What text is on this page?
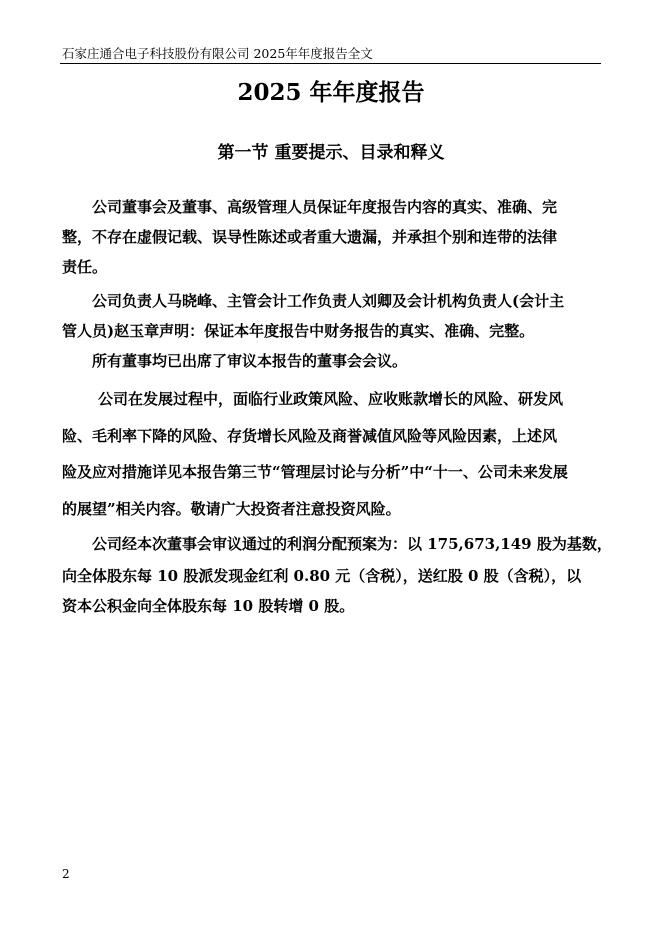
石家庄通合电子科技股份有限公司 2025年年度报告全文
2025 年年度报告
第一节 重要提示、目录和释义

公司董事会及董事、高级管理人员保证年度报告内容的真实、准确、完
整，不存在虚假记载、误导性陈述或者重大遗漏，并承担个别和连带的法律
责任。

公司负责人马晓峰、主管会计工作负责人刘卿及会计机构负责人(会计主
管人员)赵玉章声明：保证本年度报告中财务报告的真实、准确、完整。

所有董事均已出席了审议本报告的董事会会议。

公司在发展过程中，面临行业政策风险、应收账款增长的风险、研发风
险、毛利率下降的风险、存货增长风险及商誉减值风险等风险因素，上述风
险及应对措施详见本报告第三节“管理层讨论与分析”中“十一、公司未来发展
的展望”相关内容。敬请广大投资者注意投资风险。

公司经本次董事会审议通过的利润分配预案为：以 175,673,149 股为基数，

向全体股东每 10 股派发现金红利 0.80 元（含税），送红股 0 股（含税），以
资本公积金向全体股东每 10 股转增 0 股。

2
